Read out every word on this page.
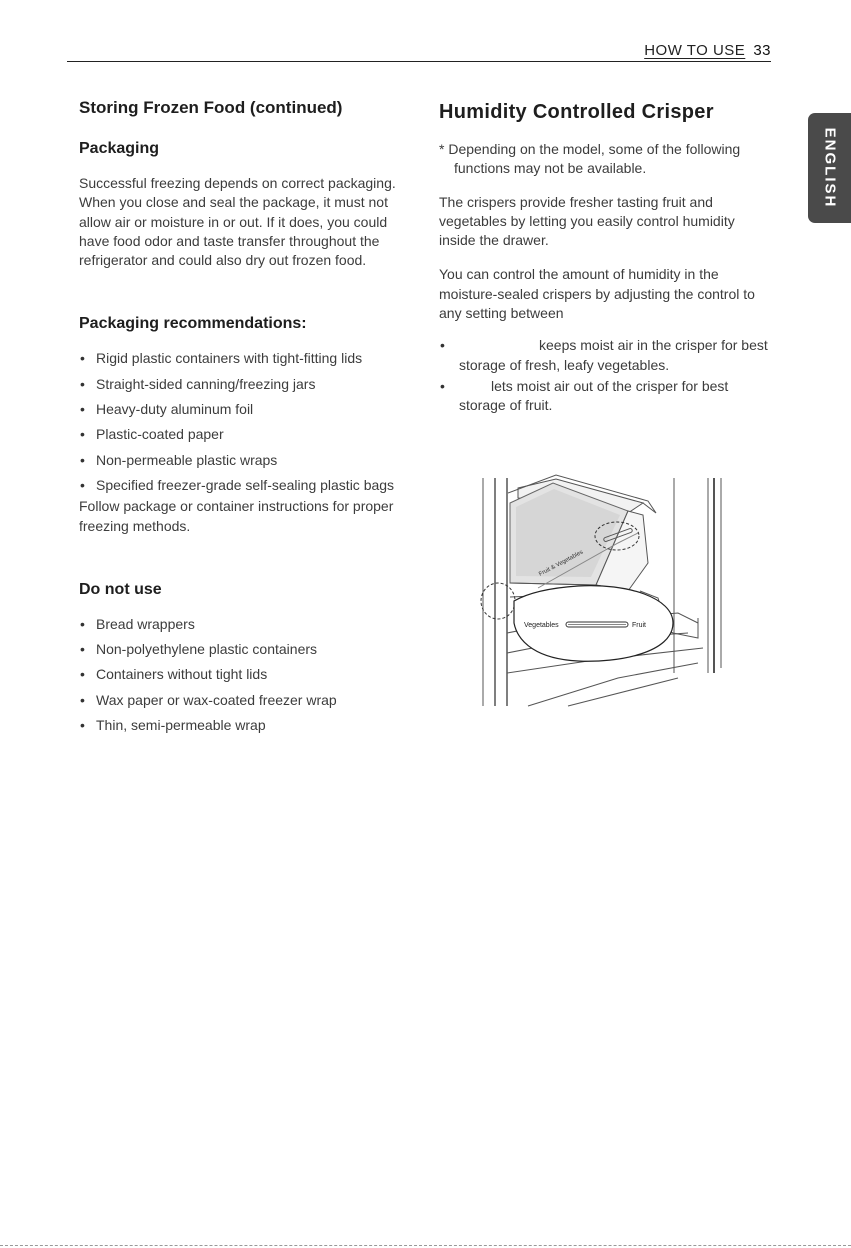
HOW TO USE 33
ENGLISH
Storing Frozen Food (continued)
Packaging

Successful freezing depends on correct packaging. When you close and seal the package, it must not allow air or moisture in or out. If it does, you could have food odor and taste transfer throughout the refrigerator and could also dry out frozen food.

Packaging recommendations:
• Rigid plastic containers with tight-fitting lids
• Straight-sided canning/freezing jars
• Heavy-duty aluminum foil
• Plastic-coated paper
• Non-permeable plastic wraps
• Specified freezer-grade self-sealing plastic bags

Follow package or container instructions for proper freezing methods.

Do not use
• Bread wrappers
• Non-polyethylene plastic containers
• Containers without tight lids
• Wax paper or wax-coated freezer wrap
• Thin, semi-permeable wrap
Humidity Controlled Crisper

* Depending on the model, some of the following functions may not be available.

The crispers provide fresher tasting fruit and vegetables by letting you easily control humidity inside the drawer.

You can control the amount of humidity in the moisture-sealed crispers by adjusting the control to any setting between

• keeps moist air in the crisper for best storage of fresh, leafy vegetables.
• lets moist air out of the crisper for best storage of fruit.
Fruit & Vegetables
Vegetables	Fruit
